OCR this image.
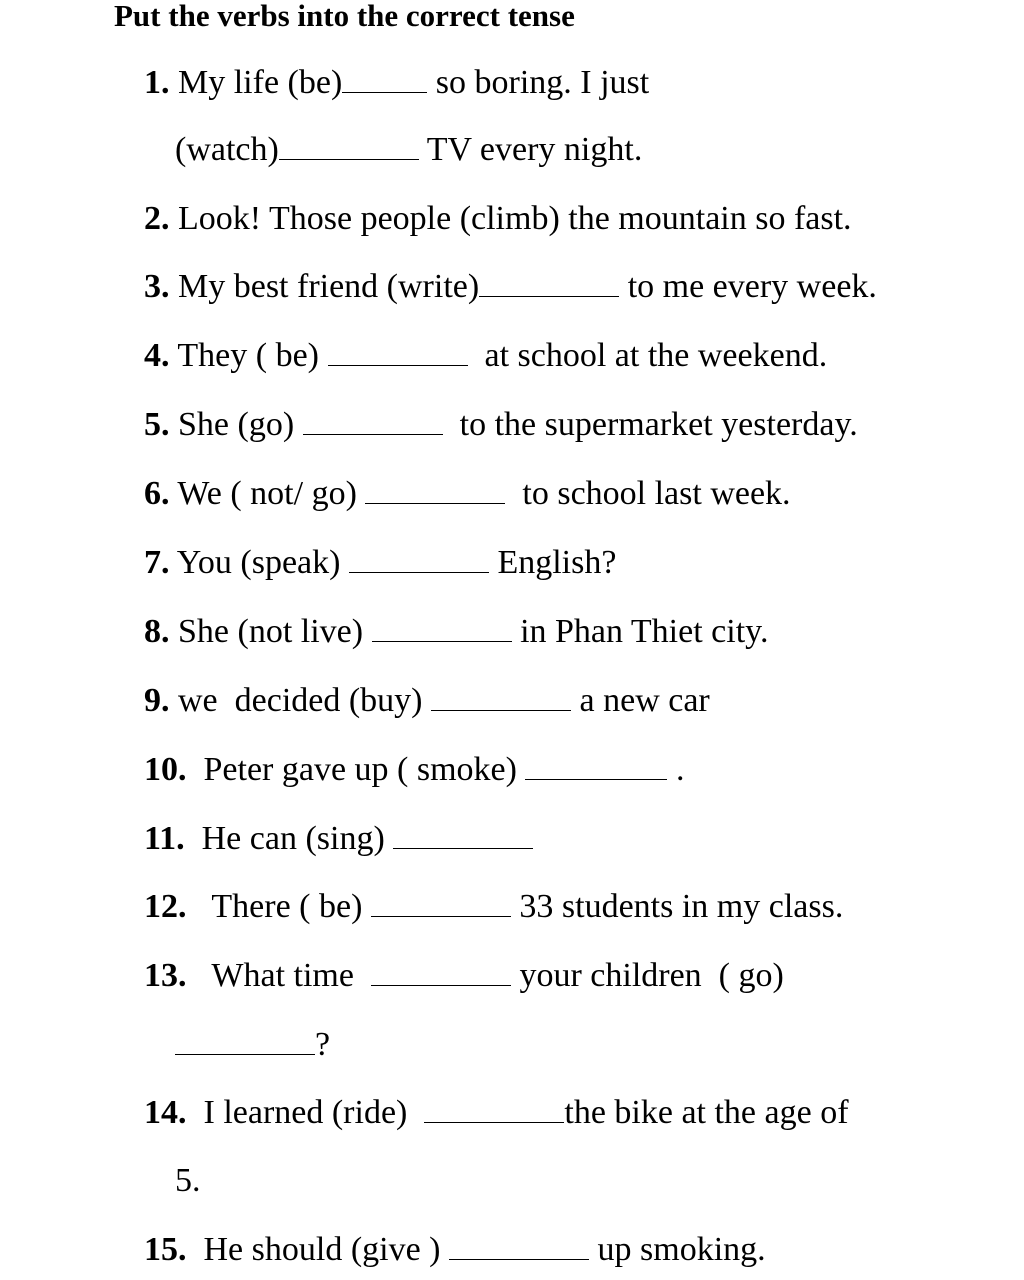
Put the verbs into the correct tense
1. My life (be)	so boring. I just
(watch)	TV every night.
2. Look! Those people (climb) the mountain so fast.
3. My best friend (write)	to me every week.
4. They ( be)	at school at the weekend.
5. She (go)	to the supermarket yesterday.
6. We ( not/ go)	to school last week.
7. You (speak)	English?
8. She (not live)	in Phan Thiet city.
9. we  decided (buy)	a new car
10. Peter gave up ( smoke)	.
11. He can (sing)
12.   There ( be)	33 students in my class.
13.   What time	your children  ( go)
?
14. I learned (ride)	the bike at the age of
5.
15. He should (give )	up smoking.
